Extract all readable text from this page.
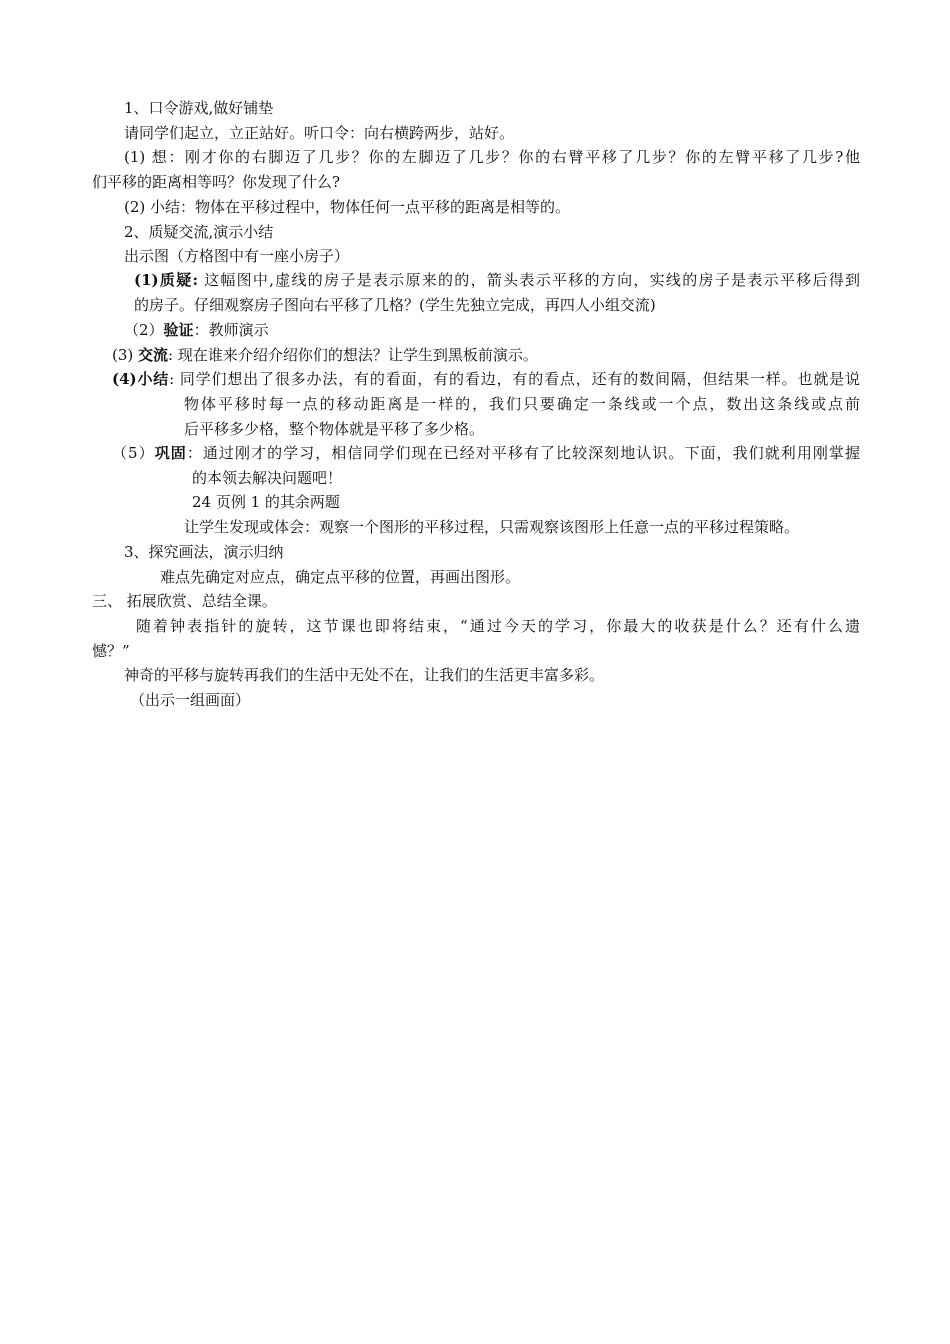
1、口令游戏,做好铺垫
请同学们起立，立正站好。听口令：向右横跨两步，站好。
(1) 想：刚才你的右脚迈了几步？你的左脚迈了几步？你的右臂平移了几步？你的左臂平移了几步?他
们平移的距离相等吗？你发现了什么?
(2) 小结：物体在平移过程中，物体任何一点平移的距离是相等的。
2、质疑交流,演示小结
出示图（方格图中有一座小房子）
(1)质疑: 这幅图中,虚线的房子是表示原来的的，箭头表示平移的方向，实线的房子是表示平移后得到
的房子。仔细观察房子图向右平移了几格？(学生先独立完成，再四人小组交流)
（2）验证：教师演示
(3) 交流: 现在谁来介绍介绍你们的想法？让学生到黑板前演示。
(4)小结: 同学们想出了很多办法，有的看面，有的看边，有的看点，还有的数间隔，但结果一样。也就是说
物体平移时每一点的移动距离是一样的，我们只要确定一条线或一个点，数出这条线或点前
后平移多少格，整个物体就是平移了多少格。
（5）巩固：通过刚才的学习，相信同学们现在已经对平移有了比较深刻地认识。下面，我们就利用刚掌握
的本领去解决问题吧！
24 页例 1 的其余两题
让学生发现或体会：观察一个图形的平移过程，只需观察该图形上任意一点的平移过程策略。
3、探究画法，演示归纳
难点先确定对应点，确定点平移的位置，再画出图形。
三、 拓展欣赏、总结全课。
随着钟表指针的旋转，这节课也即将结束，“通过今天的学习，你最大的收获是什么？还有什么遗
憾？”
神奇的平移与旋转再我们的生活中无处不在，让我们的生活更丰富多彩。
（出示一组画面）
